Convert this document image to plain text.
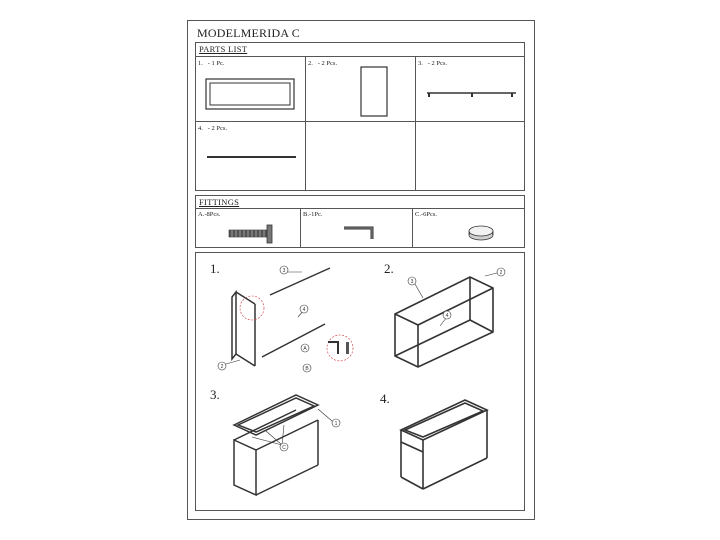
MODELMERIDA C
PARTS LIST
1. - 1 Pc.	2. - 2 Pcs.	3. - 2 Pcs.
4. - 2 Pcs.
FITTINGS
A.-8Pcs.	B.-1Pc.	C.-6Pcs.
1.	2.
3.	4.
3
2
4
A
B
3
2
4
C
1
